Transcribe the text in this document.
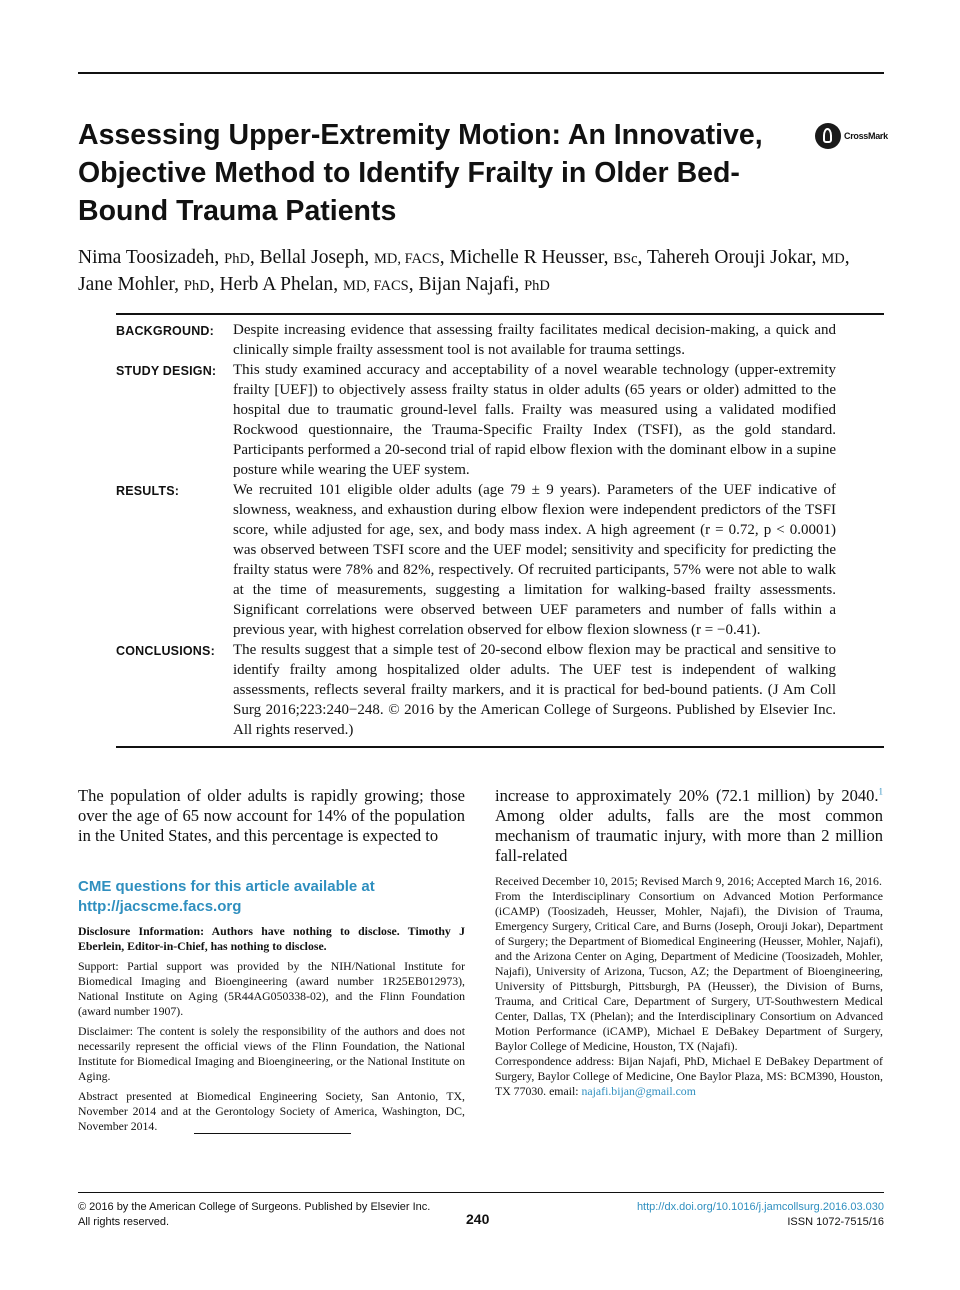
Assessing Upper-Extremity Motion: An Innovative, Objective Method to Identify Frailty in Older Bed-Bound Trauma Patients
CrossMark
Nima Toosizadeh, PhD, Bellal Joseph, MD, FACS, Michelle R Heusser, BSc, Tahereh Orouji Jokar, MD, Jane Mohler, PhD, Herb A Phelan, MD, FACS, Bijan Najafi, PhD
BACKGROUND:	Despite increasing evidence that assessing frailty facilitates medical decision-making, a quick and clinically simple frailty assessment tool is not available for trauma settings.
STUDY DESIGN:	This study examined accuracy and acceptability of a novel wearable technology (upper-extremity frailty [UEF]) to objectively assess frailty status in older adults (65 years or older) admitted to the hospital due to traumatic ground-level falls. Frailty was measured using a validated modified Rockwood questionnaire, the Trauma-Specific Frailty Index (TSFI), as the gold standard. Participants performed a 20-second trial of rapid elbow flexion with the dominant elbow in a supine posture while wearing the UEF system.
RESULTS:	We recruited 101 eligible older adults (age 79 ± 9 years). Parameters of the UEF indicative of slowness, weakness, and exhaustion during elbow flexion were independent predictors of the TSFI score, while adjusted for age, sex, and body mass index. A high agreement (r = 0.72, p < 0.0001) was observed between TSFI score and the UEF model; sensitivity and specificity for predicting the frailty status were 78% and 82%, respectively. Of recruited participants, 57% were not able to walk at the time of measurements, suggesting a limitation for walking-based frailty assessments. Significant correlations were observed between UEF parameters and number of falls within a previous year, with highest correlation observed for elbow flexion slowness (r = −0.41).
CONCLUSIONS:	The results suggest that a simple test of 20-second elbow flexion may be practical and sensitive to identify frailty among hospitalized older adults. The UEF test is independent of walking assessments, reflects several frailty markers, and it is practical for bed-bound patients. (J Am Coll Surg 2016;223:240−248. © 2016 by the American College of Surgeons. Published by Elsevier Inc. All rights reserved.)
The population of older adults is rapidly growing; those over the age of 65 now account for 14% of the population in the United States, and this percentage is expected to
increase to approximately 20% (72.1 million) by 2040.$^1$ Among older adults, falls are the most common mechanism of traumatic injury, with more than 2 million fall-related
CME questions for this article available at
http://jacscme.facs.org

Disclosure Information: Authors have nothing to disclose. Timothy J Eberlein, Editor-in-Chief, has nothing to disclose.

Support: Partial support was provided by the NIH/National Institute for Biomedical Imaging and Bioengineering (award number 1R25EB012973), National Institute on Aging (5R44AG050338-02), and the Flinn Foundation (award number 1907).

Disclaimer: The content is solely the responsibility of the authors and does not necessarily represent the official views of the Flinn Foundation, the National Institute for Biomedical Imaging and Bioengineering, or the National Institute on Aging.

Abstract presented at Biomedical Engineering Society, San Antonio, TX, November 2014 and at the Gerontology Society of America, Washington, DC, November 2014.

Received December 10, 2015; Revised March 9, 2016; Accepted March 16, 2016.
From the Interdisciplinary Consortium on Advanced Motion Performance (iCAMP) (Toosizadeh, Heusser, Mohler, Najafi), the Division of Trauma, Emergency Surgery, Critical Care, and Burns (Joseph, Orouji Jokar), Department of Surgery; the Department of Biomedical Engineering (Heusser, Mohler, Najafi), and the Arizona Center on Aging, Department of Medicine (Toosizadeh, Mohler, Najafi), University of Arizona, Tucson, AZ; the Department of Bioengineering, University of Pittsburgh, Pittsburgh, PA (Heusser), the Division of Burns, Trauma, and Critical Care, Department of Surgery, UT-Southwestern Medical Center, Dallas, TX (Phelan); and the Interdisciplinary Consortium on Advanced Motion Performance (iCAMP), Michael E DeBakey Department of Surgery, Baylor College of Medicine, Houston, TX (Najafi).
Correspondence address: Bijan Najafi, PhD, Michael E DeBakey Department of Surgery, Baylor College of Medicine, One Baylor Plaza, MS: BCM390, Houston, TX 77030. email: najafi.bijan@gmail.com
© 2016 by the American College of Surgeons. Published by Elsevier Inc.
All rights reserved.	240
http://dx.doi.org/10.1016/j.jamcollsurg.2016.03.030
ISSN 1072-7515/16
